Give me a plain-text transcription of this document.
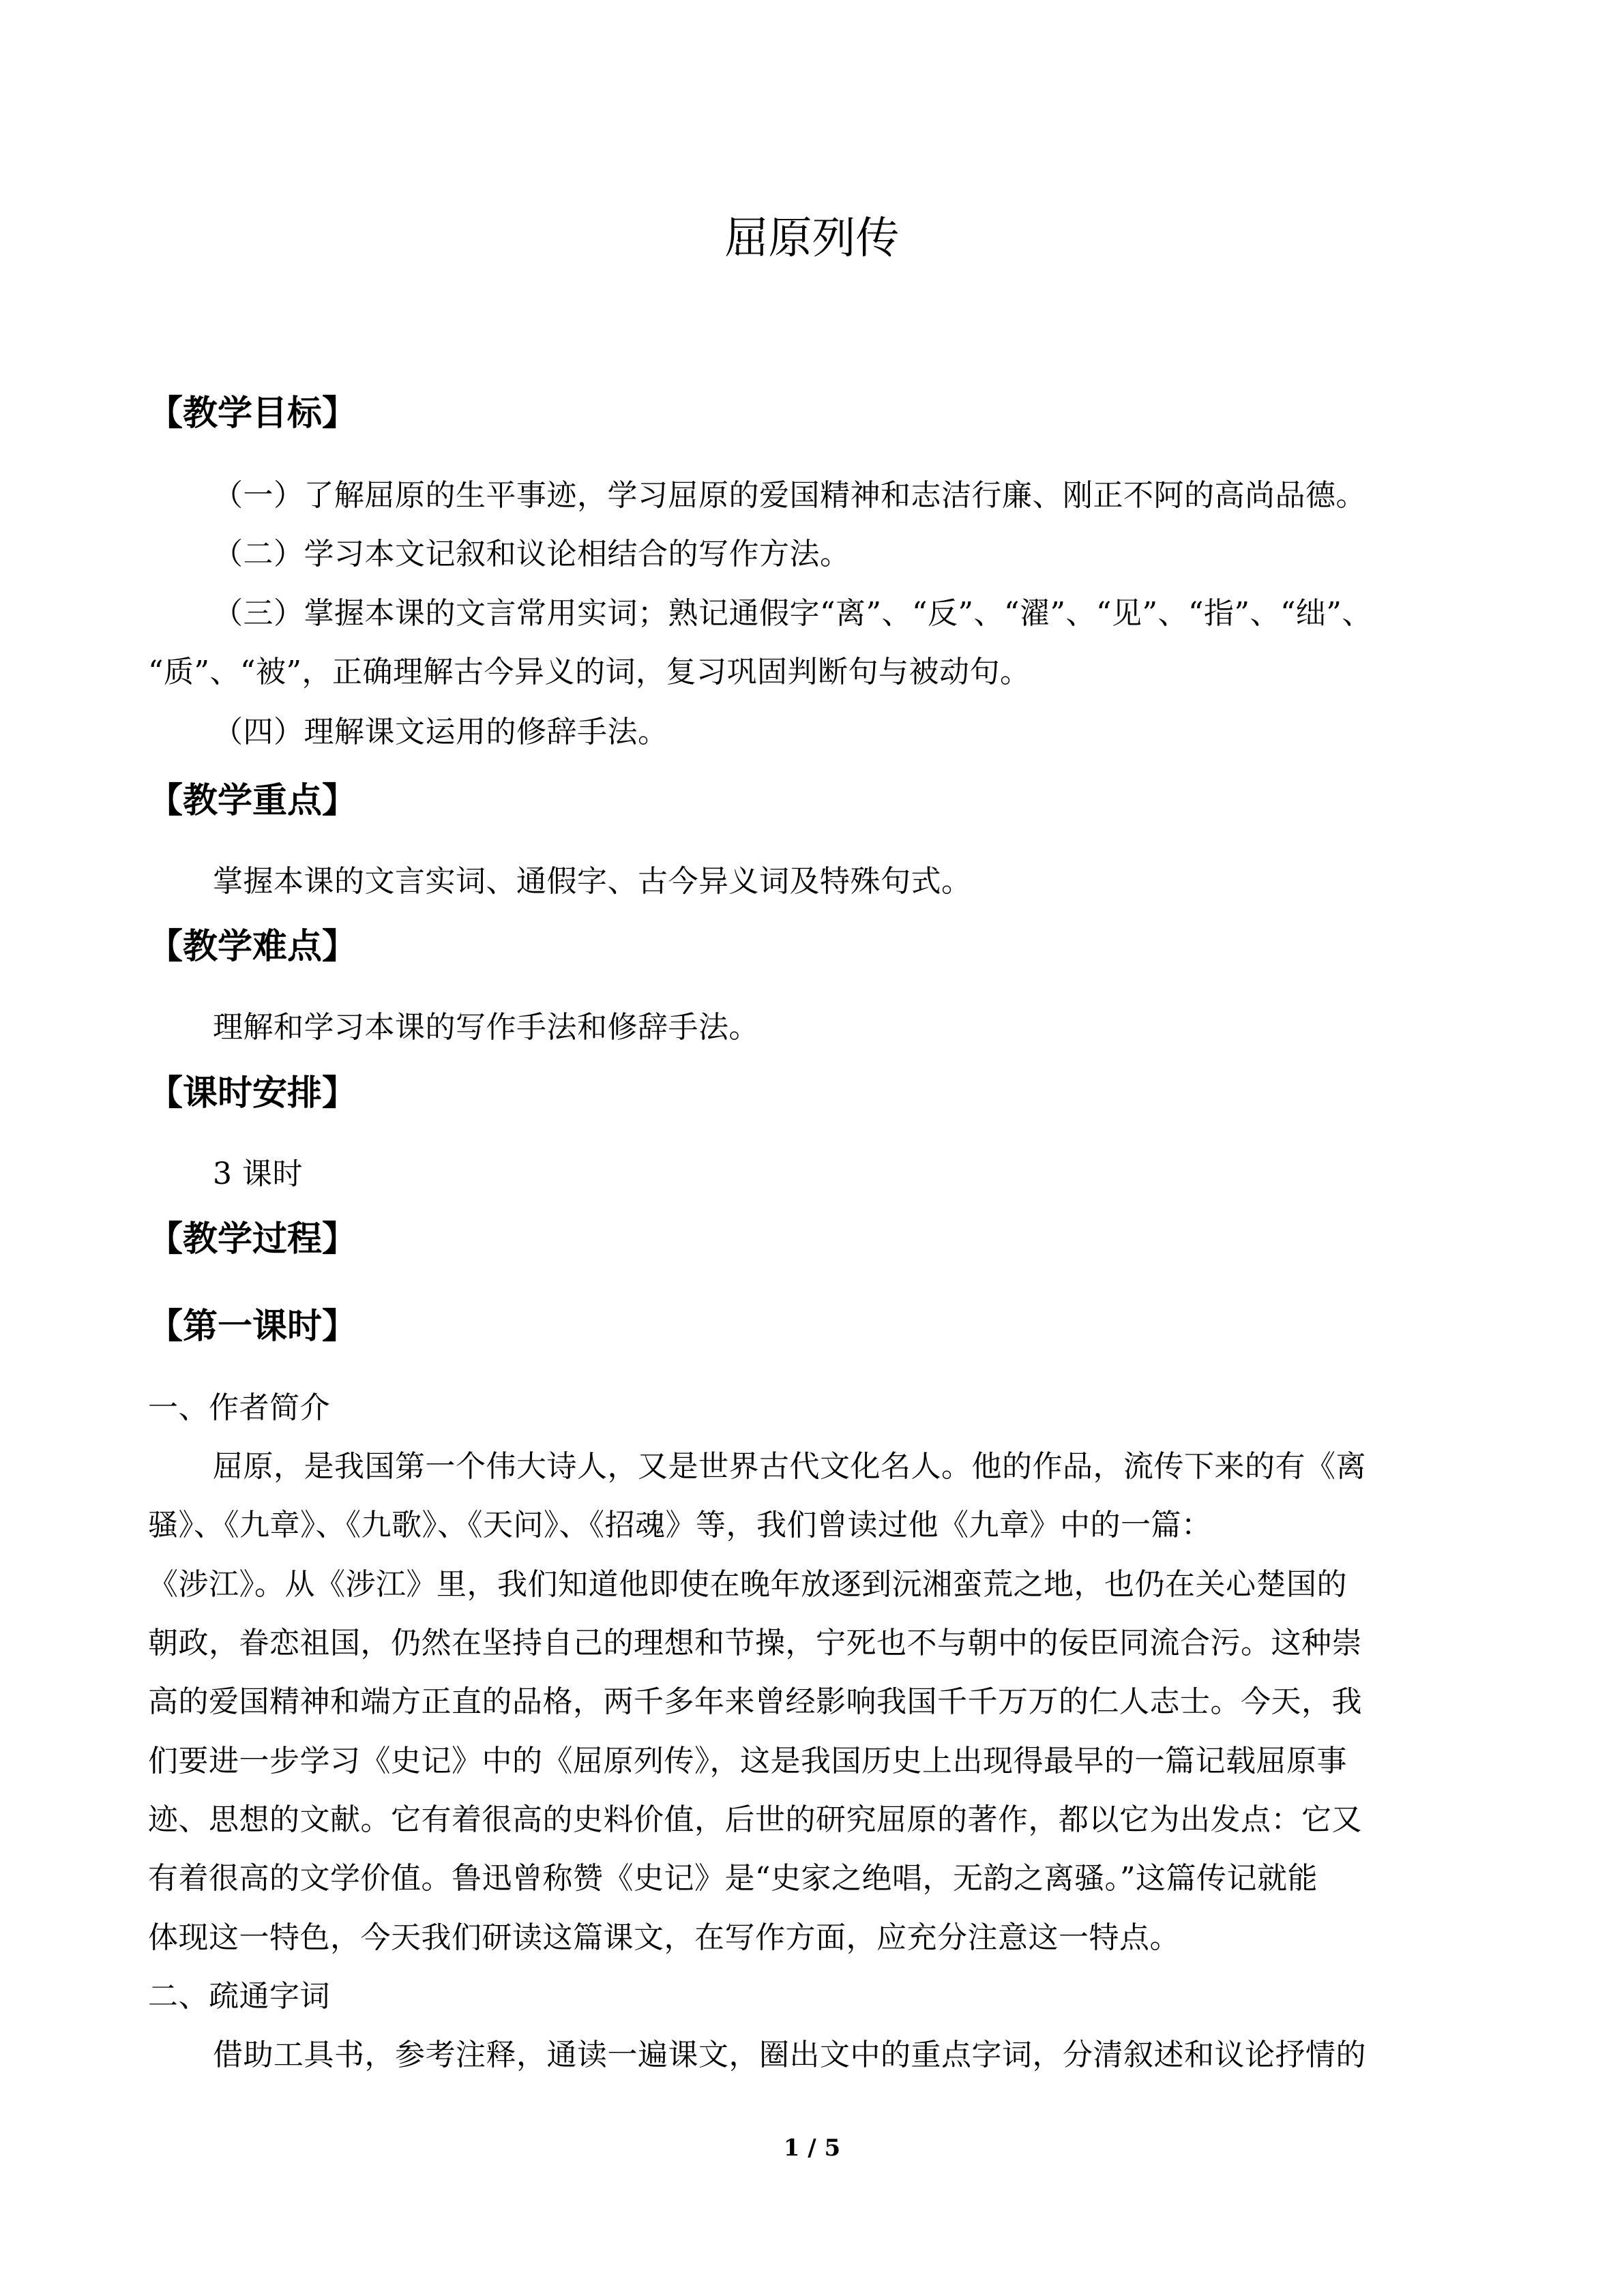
屈原列传
【教学目标】
（一）了解屈原的生平事迹，学习屈原的爱国精神和志洁行廉、刚正不阿的高尚品德。
（二）学习本文记叙和议论相结合的写作方法。
（三）掌握本课的文言常用实词；熟记通假字“离”、“反”、“濯”、“见”、“指”、“绌”、
“质”、“被”，正确理解古今异义的词，复习巩固判断句与被动句。
（四）理解课文运用的修辞手法。
【教学重点】
掌握本课的文言实词、通假字、古今异义词及特殊句式。
【教学难点】
理解和学习本课的写作手法和修辞手法。
【课时安排】
3 课时
【教学过程】
【第一课时】
一、作者简介
屈原，是我国第一个伟大诗人，又是世界古代文化名人。他的作品，流传下来的有《离
骚》、《九章》、《九歌》、《天问》、《招魂》等，我们曾读过他《九章》中的一篇：
《涉江》。从《涉江》里，我们知道他即使在晚年放逐到沅湘蛮荒之地，也仍在关心楚国的
朝政，眷恋祖国，仍然在坚持自己的理想和节操，宁死也不与朝中的佞臣同流合污。这种崇
高的爱国精神和端方正直的品格，两千多年来曾经影响我国千千万万的仁人志士。今天，我
们要进一步学习《史记》中的《屈原列传》，这是我国历史上出现得最早的一篇记载屈原事
迹、思想的文献。它有着很高的史料价值，后世的研究屈原的著作，都以它为出发点：它又
有着很高的文学价值。鲁迅曾称赞《史记》是“史家之绝唱，无韵之离骚。”这篇传记就能
体现这一特色，今天我们研读这篇课文，在写作方面，应充分注意这一特点。
二、疏通字词
借助工具书，参考注释，通读一遍课文，圈出文中的重点字词，分清叙述和议论抒情的
1 / 5
